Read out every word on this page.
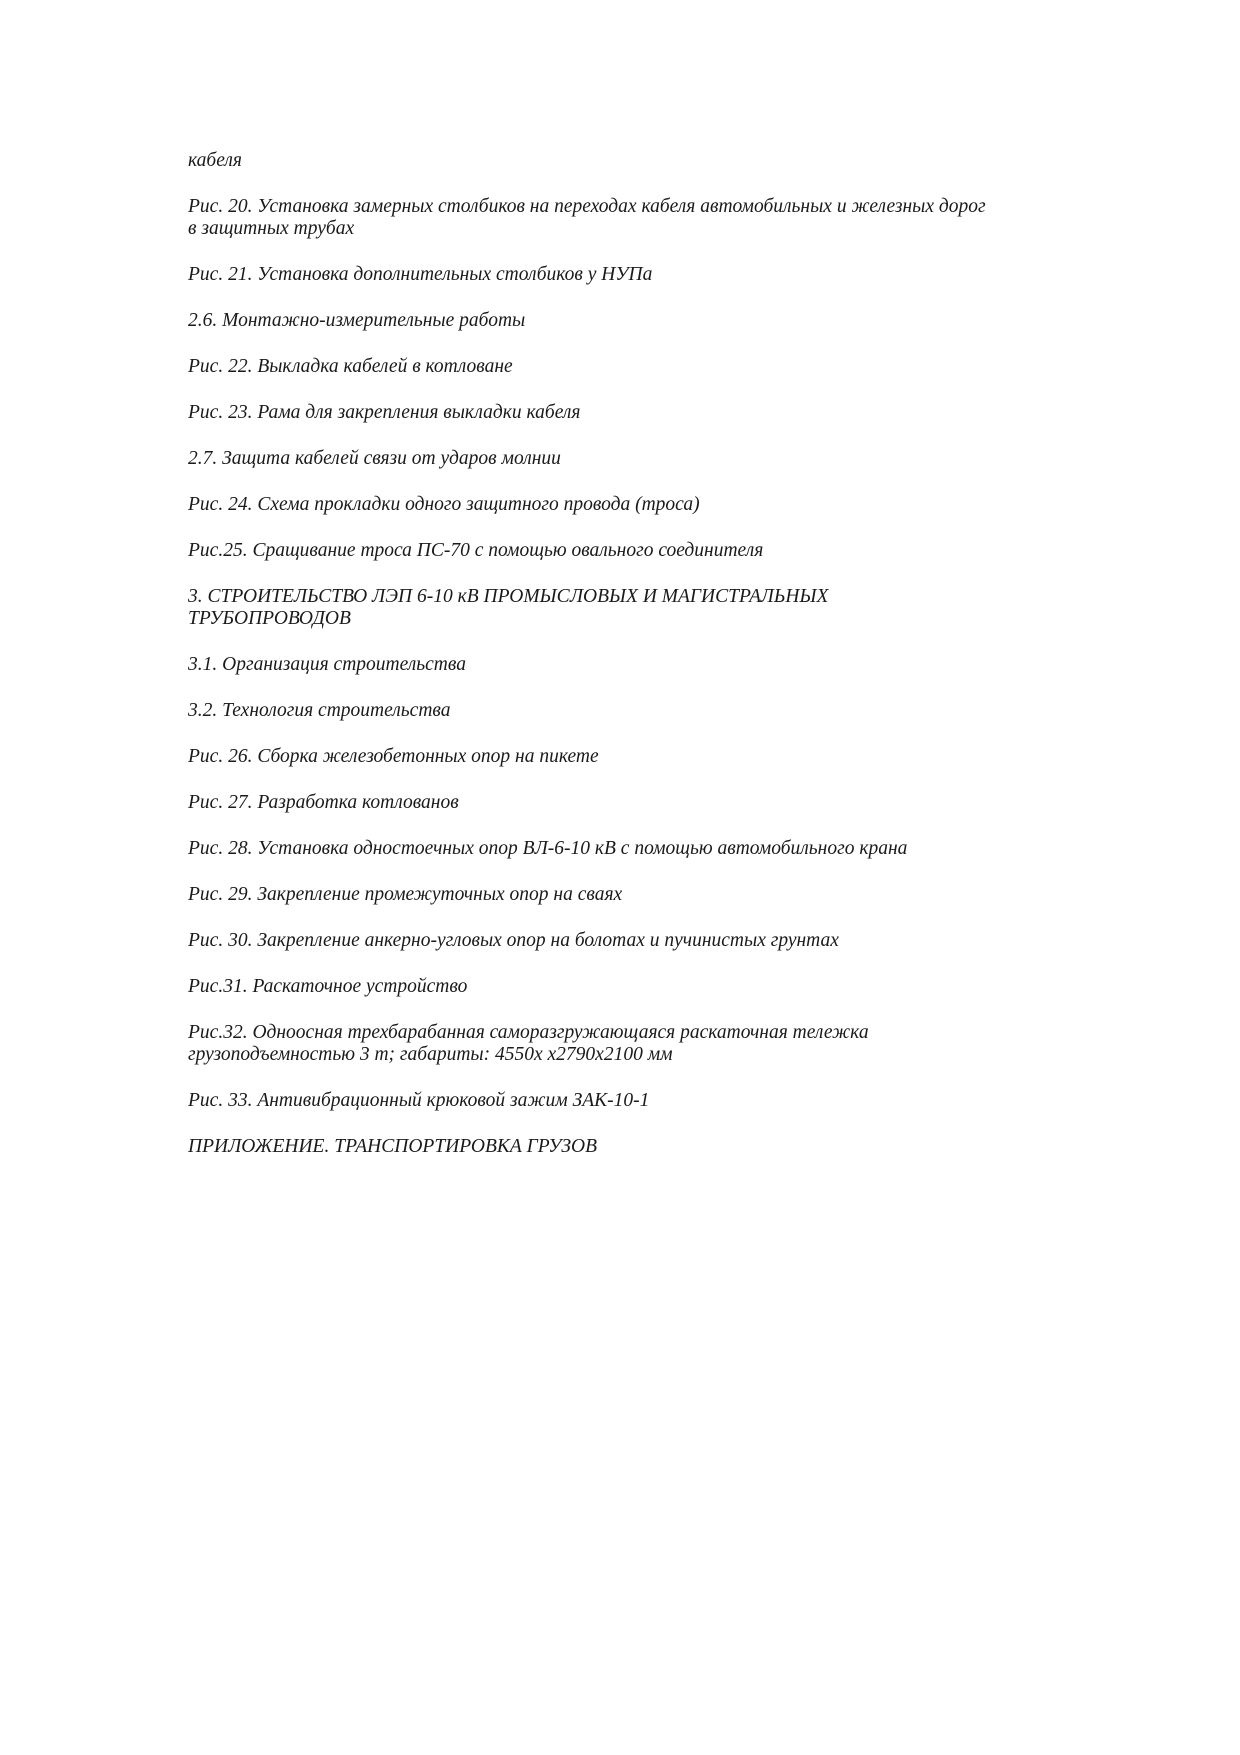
кабеля

Рис. 20. Установка замерных столбиков на переходах кабеля автомобильных и железных дорог
в защитных трубах

Рис. 21. Установка дополнительных столбиков у НУПа

2.6. Монтажно-измерительные работы

Рис. 22. Выкладка кабелей в котловане

Рис. 23. Рама для закрепления выкладки кабеля

2.7. Защита кабелей связи от ударов молнии

Рис. 24. Схема прокладки одного защитного провода (троса)

Рис.25. Сращивание троса ПС-70 с помощью овального соединителя

3. СТРОИТЕЛЬСТВО ЛЭП 6-10 кВ ПРОМЫСЛОВЫХ И МАГИСТРАЛЬНЫХ
ТРУБОПРОВОДОВ

3.1. Организация строительства

3.2. Технология строительства

Рис. 26. Сборка железобетонных опор на пикете

Рис. 27. Разработка котлованов

Рис. 28. Установка одностоечных опор ВЛ-6-10 кВ с помощью автомобильного крана

Рис. 29. Закрепление промежуточных опор на сваях

Рис. 30. Закрепление анкерно-угловых опор на болотах и пучинистых грунтах

Рис.31. Раскаточное устройство

Рис.32. Одноосная трехбарабанная саморазгружающаяся раскаточная тележка
грузоподъемностью 3 т; габариты: 4550х х2790х2100 мм

Рис. 33. Антивибрационный крюковой зажим ЗАК-10-1

ПРИЛОЖЕНИЕ. ТРАНСПОРТИРОВКА ГРУЗОВ
